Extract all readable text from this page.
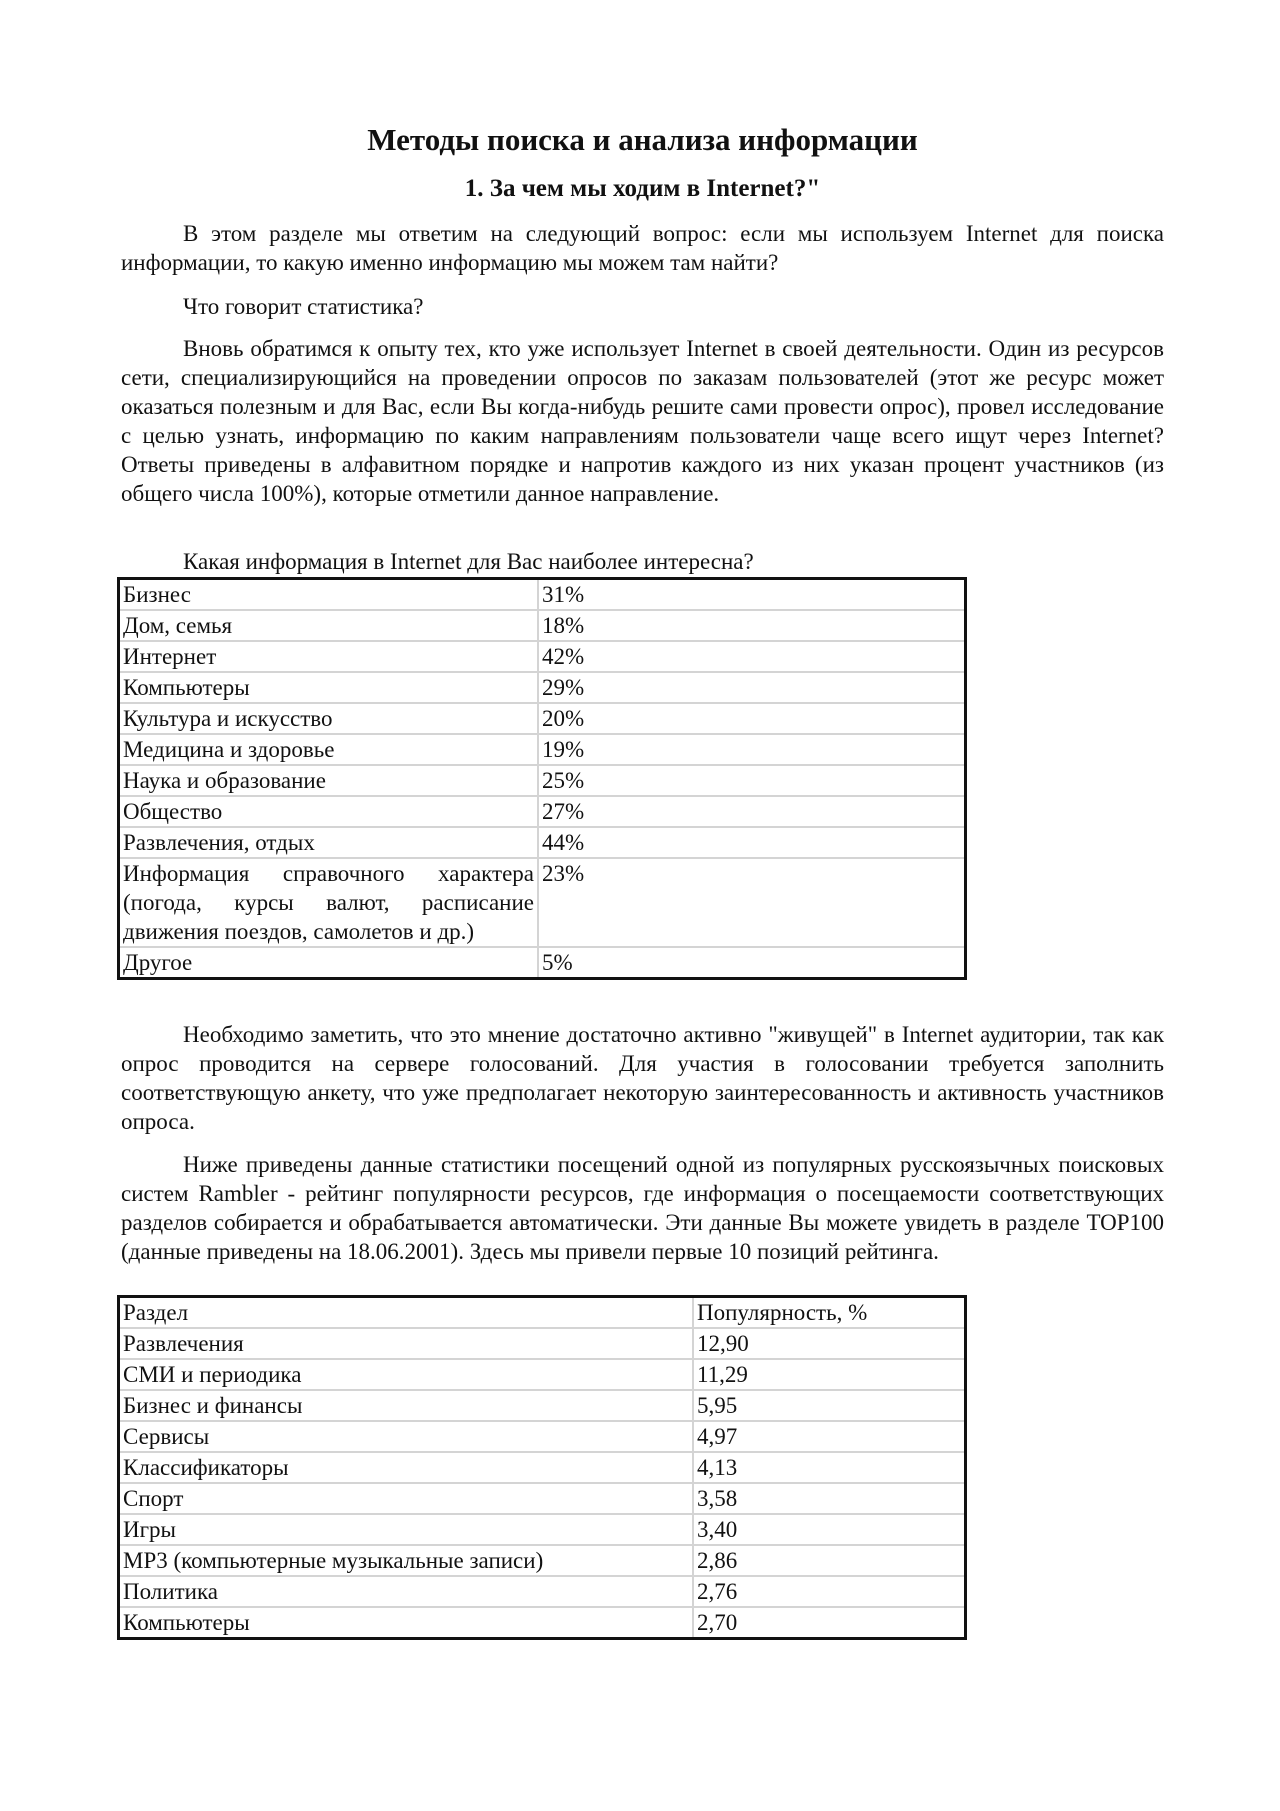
Методы поиска и анализа информации
1. За чем мы ходим в Internet?"

В этом разделе мы ответим на следующий вопрос: если мы используем Internet для поиска информации, то какую именно информацию мы можем там найти?

Что говорит статистика?

Вновь обратимся к опыту тех, кто уже использует Internet в своей деятельности. Один из ресурсов сети, специализирующийся на проведении опросов по заказам пользователей (этот же ресурс может оказаться полезным и для Вас, если Вы когда-нибудь решите сами провести опрос), провел исследование с целью узнать, информацию по каким направлениям пользователи чаще всего ищут через Internet? Ответы приведены в алфавитном порядке и напротив каждого из них указан процент участников (из общего числа 100%), которые отметили данное направление.

Какая информация в Internet для Вас наиболее интересна?

Бизнес	31%
Дом, семья	18%
Интернет	42%
Компьютеры	29%
Культура и искусство	20%
Медицина и здоровье	19%
Наука и образование	25%
Общество	27%
Развлечения, отдых	44%
Информация справочного характера (погода, курсы валют, расписание движения поездов, самолетов и др.)	23%
Другое	5%

Необходимо заметить, что это мнение достаточно активно "живущей" в Internet аудитории, так как опрос проводится на сервере голосований. Для участия в голосовании требуется заполнить соответствующую анкету, что уже предполагает некоторую заинтересованность и активность участников опроса.

Ниже приведены данные статистики посещений одной из популярных русскоязычных поисковых систем Rambler - рейтинг популярности ресурсов, где информация о посещаемости соответствующих разделов собирается и обрабатывается автоматически. Эти данные Вы можете увидеть в разделе TOP100 (данные приведены на 18.06.2001). Здесь мы привели первые 10 позиций рейтинга.

Раздел	Популярность, %
Развлечения	12,90
СМИ и периодика	11,29
Бизнес и финансы	5,95
Сервисы	4,97
Классификаторы	4,13
Спорт	3,58
Игры	3,40
MP3 (компьютерные музыкальные записи)	2,86
Политика	2,76
Компьютеры	2,70
